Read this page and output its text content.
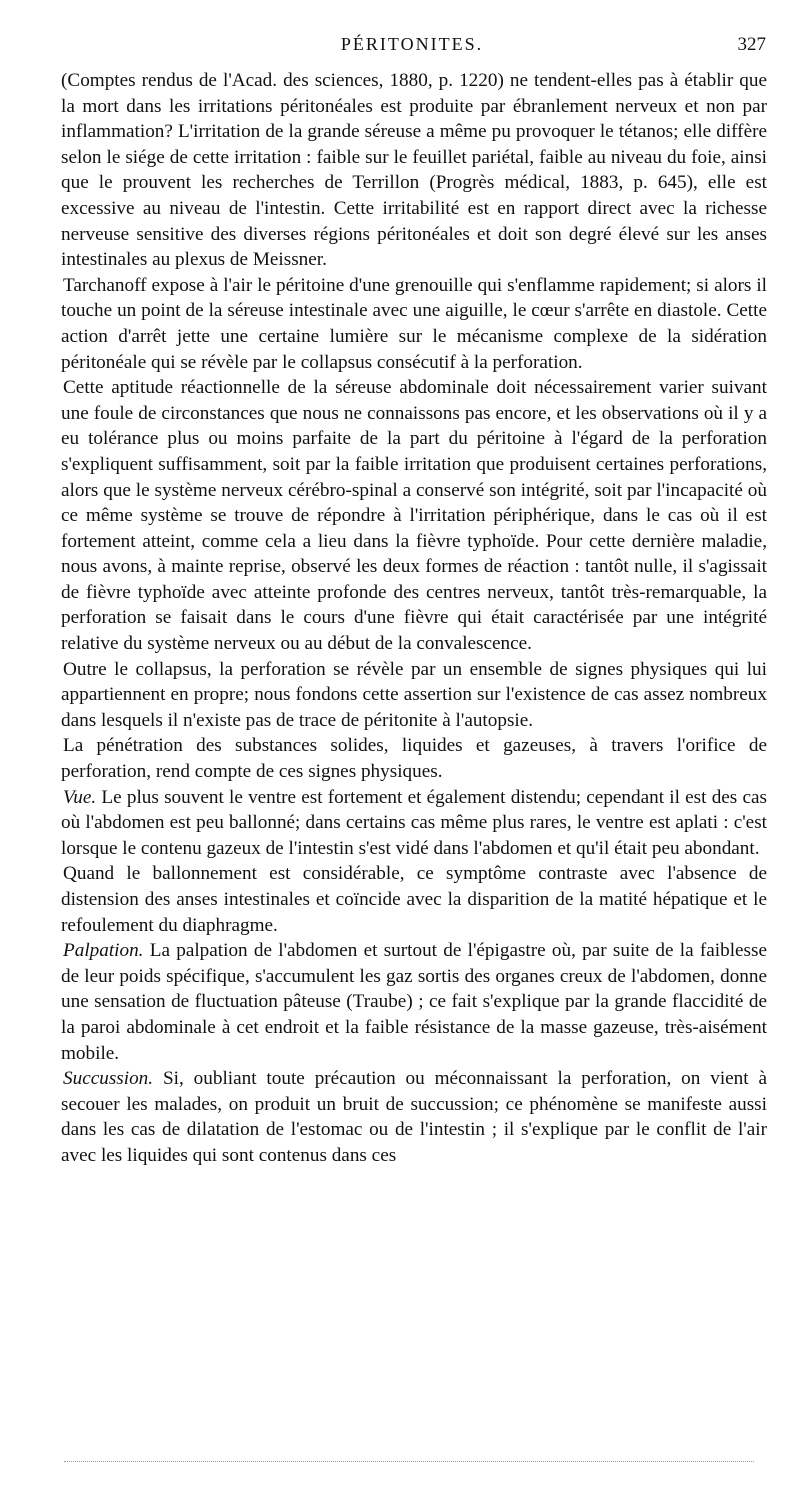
PÉRITONITES.	327

(Comptes rendus de l'Acad. des sciences, 1880, p. 1220) ne tendent-elles pas à établir que la mort dans les irritations péritonéales est produite par ébranlement nerveux et non par inflammation? L'irritation de la grande séreuse a même pu provoquer le tétanos; elle diffère selon le siége de cette irritation : faible sur le feuillet pariétal, faible au niveau du foie, ainsi que le prouvent les recherches de Terrillon (Progrès médical, 1883, p. 645), elle est excessive au niveau de l'intestin. Cette irritabilité est en rapport direct avec la richesse nerveuse sensitive des diverses régions péritonéales et doit son degré élevé sur les anses intestinales au plexus de Meissner.

Tarchanoff expose à l'air le péritoine d'une grenouille qui s'enflamme rapidement; si alors il touche un point de la séreuse intestinale avec une aiguille, le cœur s'arrête en diastole. Cette action d'arrêt jette une certaine lumière sur le mécanisme complexe de la sidération péritonéale qui se révèle par le collapsus consécutif à la perforation.

Cette aptitude réactionnelle de la séreuse abdominale doit nécessairement varier suivant une foule de circonstances que nous ne connaissons pas encore, et les observations où il y a eu tolérance plus ou moins parfaite de la part du péritoine à l'égard de la perforation s'expliquent suffisamment, soit par la faible irritation que produisent certaines perforations, alors que le système nerveux cérébro-spinal a conservé son intégrité, soit par l'incapacité où ce même système se trouve de répondre à l'irritation périphérique, dans le cas où il est fortement atteint, comme cela a lieu dans la fièvre typhoïde. Pour cette dernière maladie, nous avons, à mainte reprise, observé les deux formes de réaction : tantôt nulle, il s'agissait de fièvre typhoïde avec atteinte profonde des centres nerveux, tantôt très-remarquable, la perforation se faisait dans le cours d'une fièvre qui était caractérisée par une intégrité relative du système nerveux ou au début de la convalescence.

Outre le collapsus, la perforation se révèle par un ensemble de signes physiques qui lui appartiennent en propre; nous fondons cette assertion sur l'existence de cas assez nombreux dans lesquels il n'existe pas de trace de péritonite à l'autopsie.

La pénétration des substances solides, liquides et gazeuses, à travers l'orifice de perforation, rend compte de ces signes physiques.

Vue. Le plus souvent le ventre est fortement et également distendu; cependant il est des cas où l'abdomen est peu ballonné; dans certains cas même plus rares, le ventre est aplati : c'est lorsque le contenu gazeux de l'intestin s'est vidé dans l'abdomen et qu'il était peu abondant.

Quand le ballonnement est considérable, ce symptôme contraste avec l'absence de distension des anses intestinales et coïncide avec la disparition de la matité hépatique et le refoulement du diaphragme.

Palpation. La palpation de l'abdomen et surtout de l'épigastre où, par suite de la faiblesse de leur poids spécifique, s'accumulent les gaz sortis des organes creux de l'abdomen, donne une sensation de fluctuation pâteuse (Traube) ; ce fait s'explique par la grande flaccidité de la paroi abdominale à cet endroit et la faible résistance de la masse gazeuse, très-aisément mobile.

Succussion. Si, oubliant toute précaution ou méconnaissant la perforation, on vient à secouer les malades, on produit un bruit de succussion; ce phénomène se manifeste aussi dans les cas de dilatation de l'estomac ou de l'intestin ; il s'explique par le conflit de l'air avec les liquides qui sont contenus dans ces
